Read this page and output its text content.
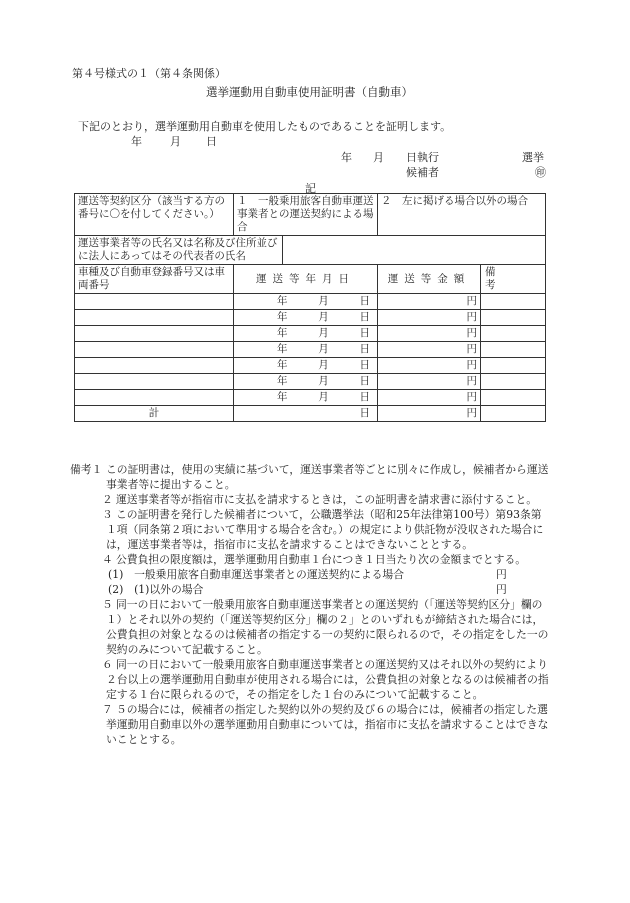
第４号様式の１（第４条関係）
選挙運動用自動車使用証明書（自動車）
下記のとおり，選挙運動用自動車を使用したものであることを証明します。
年	月 日
年 月 日執行	選挙
候補者	㊞
記
運送等契約区分（該当する方の番号に〇を付してください。）	１　一般乗用旅客自動車運送事業者との運送契約による場合		２　左に掲げる場合以外の場合	
運送事業者等の氏名又は名称及び住所並びに法人にあってはその代表者の氏名				
車種及び自動車登録番号又は車両番号	運送等年月日		運送等金額	備考

	年 月 日		円	

	年 月 日		円	

	年 月 日		円	

	年 月 日		円	

	年 月 日		円	

	年 月 日		円	

	年 月 日		円	
計	日		円	
備考１ この証明書は，使用の実績に基づいて，運送事業者等ごとに別々に作成し，候補者から運送事業者等に提出すること。
２ 運送事業者等が指宿市に支払を請求するときは，この証明書を請求書に添付すること。
３ この証明書を発行した候補者について，公職選挙法（昭和25年法律第100号）第93条第１項（同条第２項において準用する場合を含む。）の規定により供託物が没収された場合には，運送事業者等は，指宿市に支払を請求することはできないこととする。
４ 公費負担の限度額は，選挙運動用自動車１台につき１日当たり次の金額までとする。
(1)　一般乗用旅客自動車運送事業者との運送契約による場合	円
(2)　(1)以外の場合	円
５ 同一の日において一般乗用旅客自動車運送事業者との運送契約（「運送等契約区分」欄の１）とそれ以外の契約（「運送等契約区分」欄の２」とのいずれもが締結された場合には，公費負担の対象となるのは候補者の指定する一の契約に限られるので，その指定をした一の契約のみについて記載すること。
６ 同一の日において一般乗用旅客自動車運送事業者との運送契約又はそれ以外の契約により２台以上の選挙運動用自動車が使用される場合には，公費負担の対象となるのは候補者の指定する１台に限られるので，その指定をした１台のみについて記載すること。
７ ５の場合には，候補者の指定した契約以外の契約及び６の場合には，候補者の指定した選挙運動用自動車以外の選挙運動用自動車については，指宿市に支払を請求することはできないこととする。
